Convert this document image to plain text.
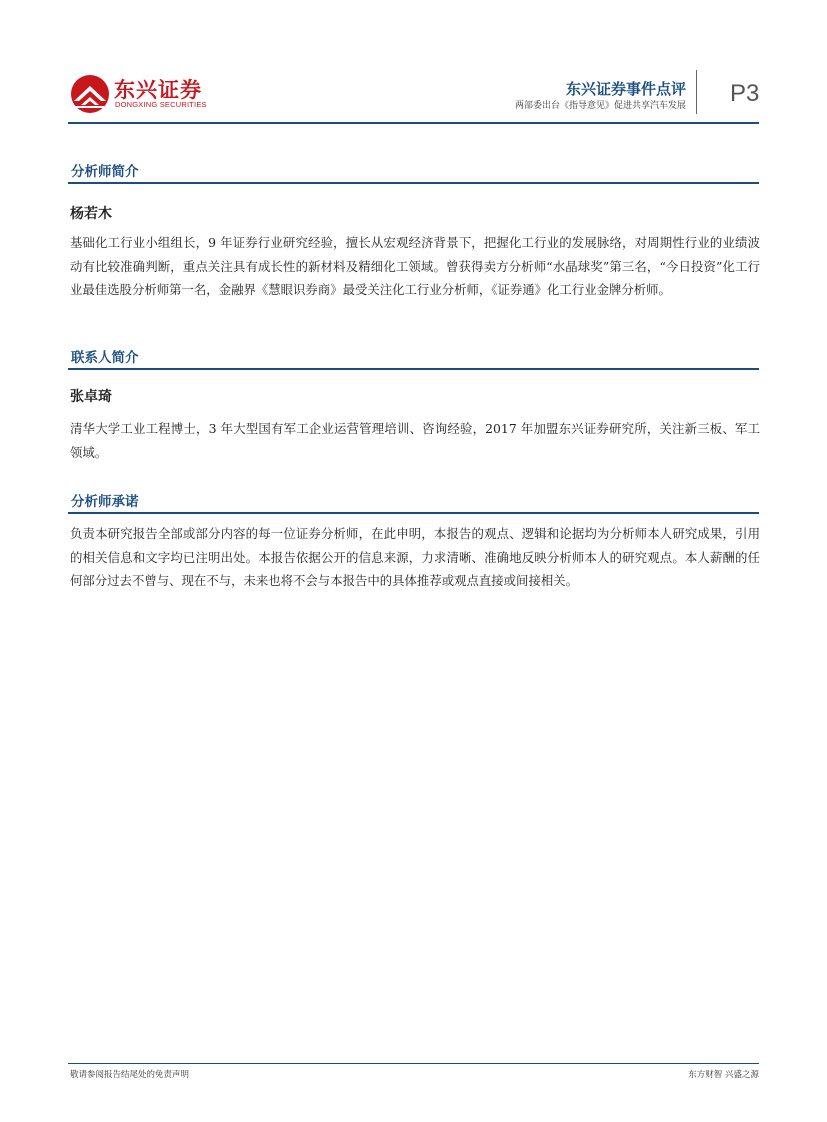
东兴证券
DONGXING SECURITIES
东兴证券事件点评
两部委出台《指导意见》促进共享汽车发展 P3
分析师简介
杨若木

基础化工行业小组组长，9 年证券行业研究经验，擅长从宏观经济背景下，把握化工行业的发展脉络，对周期性行业的业绩波动有比较准确判断，重点关注具有成长性的新材料及精细化工领域。曾获得卖方分析师“水晶球奖”第三名，“今日投资”化工行业最佳选股分析师第一名，金融界《慧眼识券商》最受关注化工行业分析师，《证券通》化工行业金牌分析师。

联系人简介
张卓琦

清华大学工业工程博士，3 年大型国有军工企业运营管理培训、咨询经验，2017 年加盟东兴证券研究所，关注新三板、军工领域。

分析师承诺

负责本研究报告全部或部分内容的每一位证券分析师，在此申明，本报告的观点、逻辑和论据均为分析师本人研究成果，引用的相关信息和文字均已注明出处。本报告依据公开的信息来源，力求清晰、准确地反映分析师本人的研究观点。本人薪酬的任何部分过去不曾与、现在不与，未来也将不会与本报告中的具体推荐或观点直接或间接相关。

敬请参阅报告结尾处的免责声明	东方财智 兴盛之源
